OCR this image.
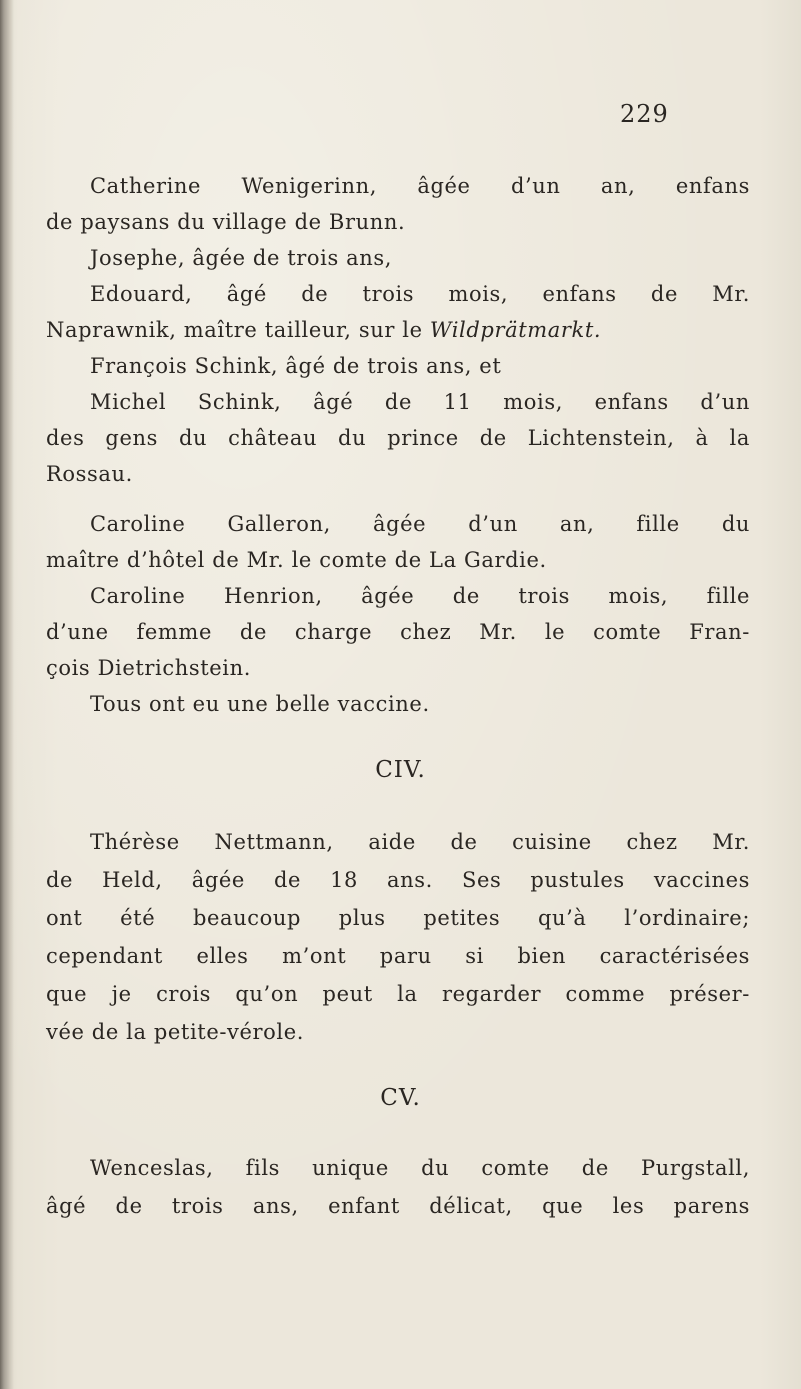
229
Catherine Wenigerinn, âgée d’un an, enfans
de paysans du village de Brunn.
Josephe, âgée de trois ans,
Edouard, âgé de trois mois, enfans de Mr.
Naprawnik, maître tailleur, sur le Wildprätmarkt.
François Schink, âgé de trois ans, et
Michel Schink, âgé de 11 mois, enfans d’un
des gens du château du prince de Lichtenstein, à la
Rossau.
Caroline Galleron, âgée d’un an, fille du
maître d’hôtel de Mr. le comte de La Gardie.
Caroline Henrion, âgée de trois mois, fille
d’une femme de charge chez Mr. le comte Fran-
çois Dietrichstein.
Tous ont eu une belle vaccine.
CIV.
Thérèse Nettmann, aide de cuisine chez Mr.
de Held, âgée de 18 ans. Ses pustules vaccines
ont été beaucoup plus petites qu’à l’ordinaire;
cependant elles m’ont paru si bien caractérisées
que je crois qu’on peut la regarder comme préser-
vée de la petite-vérole.
CV.
Wenceslas, fils unique du comte de Purgstall,
âgé de trois ans, enfant délicat, que les parens
